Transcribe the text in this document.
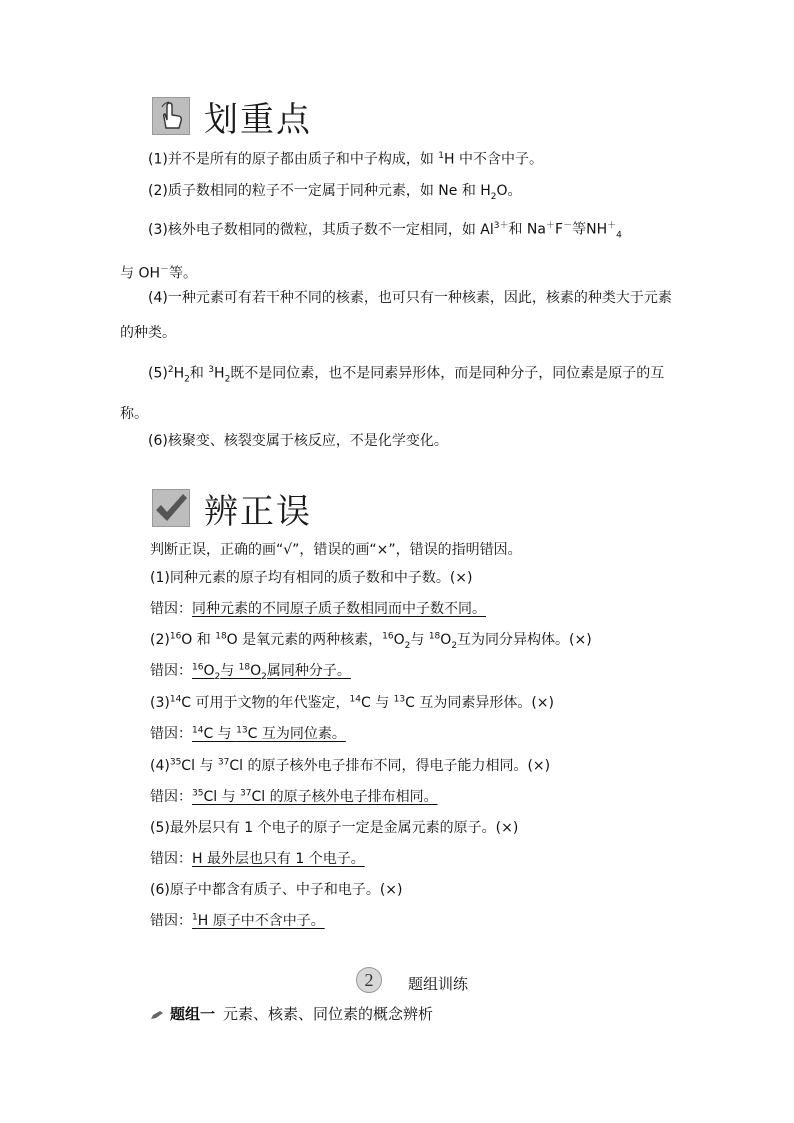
划重点
(1)并不是所有的原子都由质子和中子构成，如 $^1$H 中不含中子。
(2)质子数相同的粒子不一定属于同种元素，如 Ne 和 $H_2O$。
(3)核外电子数相同的微粒，其质子数不一定相同，如 $Al^{3+}$和 Na＋F－等$NH^+_4$
与 OH－等。
(4)一种元素可有若干种不同的核素，也可只有一种核素，因此，核素的种类大于元素的种类。
$(5)^2H_2$和 $^3H_2$既不是同位素，也不是同素异形体，而是同种分子，同位素是原子的互称。
(6)核聚变、核裂变属于核反应，不是化学变化。
辨正误
判断正误，正确的画“√”，错误的画“×”，错误的指明错因。
(1)同种元素的原子均有相同的质子数和中子数。(×)
错因：同种元素的不同原子质子数相同而中子数不同。
$(2)^{16}O$ 和 $^{18}$O 是氧元素的两种核素，$^{16}O_2$与 $^{18}O_2$互为同分异构体。(×)
错因：$^{16}O_2$与 $^{18}O_2$属同种分子。
$(3)^{14}C$ 可用于文物的年代鉴定，$^{14}$C 与 $^{13}$C 互为同素异形体。(×)
错因：$^{14}$C 与 $^{13}$C 互为同位素。
$(4)^{35}Cl$ 与 $^{37}$Cl 的原子核外电子排布不同，得电子能力相同。(×)
错因：$^{35}$Cl 与 $^{37}$Cl 的原子核外电子排布相同。
(5)最外层只有 1 个电子的原子一定是金属元素的原子。(×)
错因：H 最外层也只有 1 个电子。
(6)原子中都含有质子、中子和电子。(×)
错因：$^1$H 原子中不含中子。
2	题组训练
题组一 元素、核素、同位素的概念辨析
